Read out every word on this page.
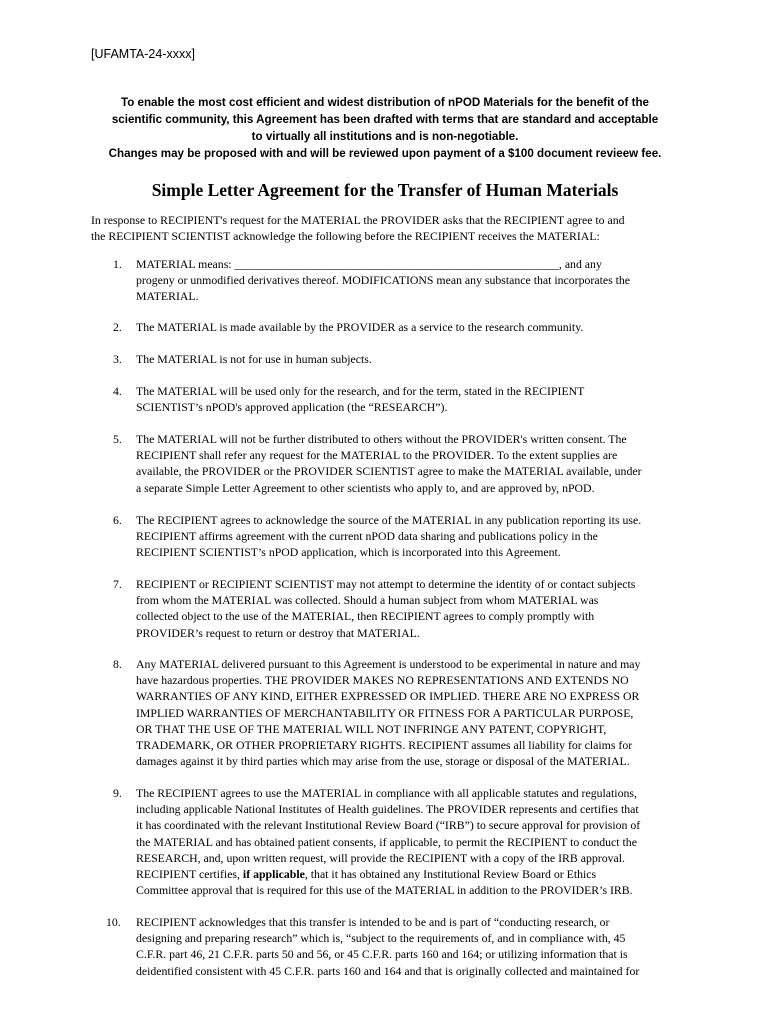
[UFAMTA-24-xxxx]
To enable the most cost efficient and widest distribution of nPOD Materials for the benefit of the
scientific community, this Agreement has been drafted with terms that are standard and acceptable
to virtually all institutions and is non-negotiable.
Changes may be proposed with and will be reviewed upon payment of a $100 document revieew fee.
Simple Letter Agreement for the Transfer of Human Materials
In response to RECIPIENT's request for the MATERIAL the PROVIDER asks that the RECIPIENT agree to and
the RECIPIENT SCIENTIST acknowledge the following before the RECIPIENT receives the MATERIAL:
1. MATERIAL means: _______________________________________________________, and any
progeny or unmodified derivatives thereof. MODIFICATIONS mean any substance that incorporates the
MATERIAL.
2. The MATERIAL is made available by the PROVIDER as a service to the research community.
3. The MATERIAL is not for use in human subjects.
4. The MATERIAL will be used only for the research, and for the term, stated in the RECIPIENT
SCIENTIST’s nPOD's approved application (the “RESEARCH”).
5. The MATERIAL will not be further distributed to others without the PROVIDER's written consent. The
RECIPIENT shall refer any request for the MATERIAL to the PROVIDER. To the extent supplies are
available, the PROVIDER or the PROVIDER SCIENTIST agree to make the MATERIAL available, under
a separate Simple Letter Agreement to other scientists who apply to, and are approved by, nPOD.
6. The RECIPIENT agrees to acknowledge the source of the MATERIAL in any publication reporting its use.
RECIPIENT affirms agreement with the current nPOD data sharing and publications policy in the
RECIPIENT SCIENTIST’s nPOD application, which is incorporated into this Agreement.
7. RECIPIENT or RECIPIENT SCIENTIST may not attempt to determine the identity of or contact subjects
from whom the MATERIAL was collected. Should a human subject from whom MATERIAL was
collected object to the use of the MATERIAL, then RECIPIENT agrees to comply promptly with
PROVIDER’s request to return or destroy that MATERIAL.
8. Any MATERIAL delivered pursuant to this Agreement is understood to be experimental in nature and may
have hazardous properties. THE PROVIDER MAKES NO REPRESENTATIONS AND EXTENDS NO
WARRANTIES OF ANY KIND, EITHER EXPRESSED OR IMPLIED. THERE ARE NO EXPRESS OR
IMPLIED WARRANTIES OF MERCHANTABILITY OR FITNESS FOR A PARTICULAR PURPOSE,
OR THAT THE USE OF THE MATERIAL WILL NOT INFRINGE ANY PATENT, COPYRIGHT,
TRADEMARK, OR OTHER PROPRIETARY RIGHTS. RECIPIENT assumes all liability for claims for
damages against it by third parties which may arise from the use, storage or disposal of the MATERIAL.
9. The RECIPIENT agrees to use the MATERIAL in compliance with all applicable statutes and regulations,
including applicable National Institutes of Health guidelines. The PROVIDER represents and certifies that
it has coordinated with the relevant Institutional Review Board (“IRB”) to secure approval for provision of
the MATERIAL and has obtained patient consents, if applicable, to permit the RECIPIENT to conduct the
RESEARCH, and, upon written request, will provide the RECIPIENT with a copy of the IRB approval.
RECIPIENT certifies, if applicable, that it has obtained any Institutional Review Board or Ethics
Committee approval that is required for this use of the MATERIAL in addition to the PROVIDER’s IRB.
10. RECIPIENT acknowledges that this transfer is intended to be and is part of “conducting research, or
designing and preparing research” which is, “subject to the requirements of, and in compliance with, 45
C.F.R. part 46, 21 C.F.R. parts 50 and 56, or 45 C.F.R. parts 160 and 164; or utilizing information that is
deidentified consistent with 45 C.F.R. parts 160 and 164 and that is originally collected and maintained for
